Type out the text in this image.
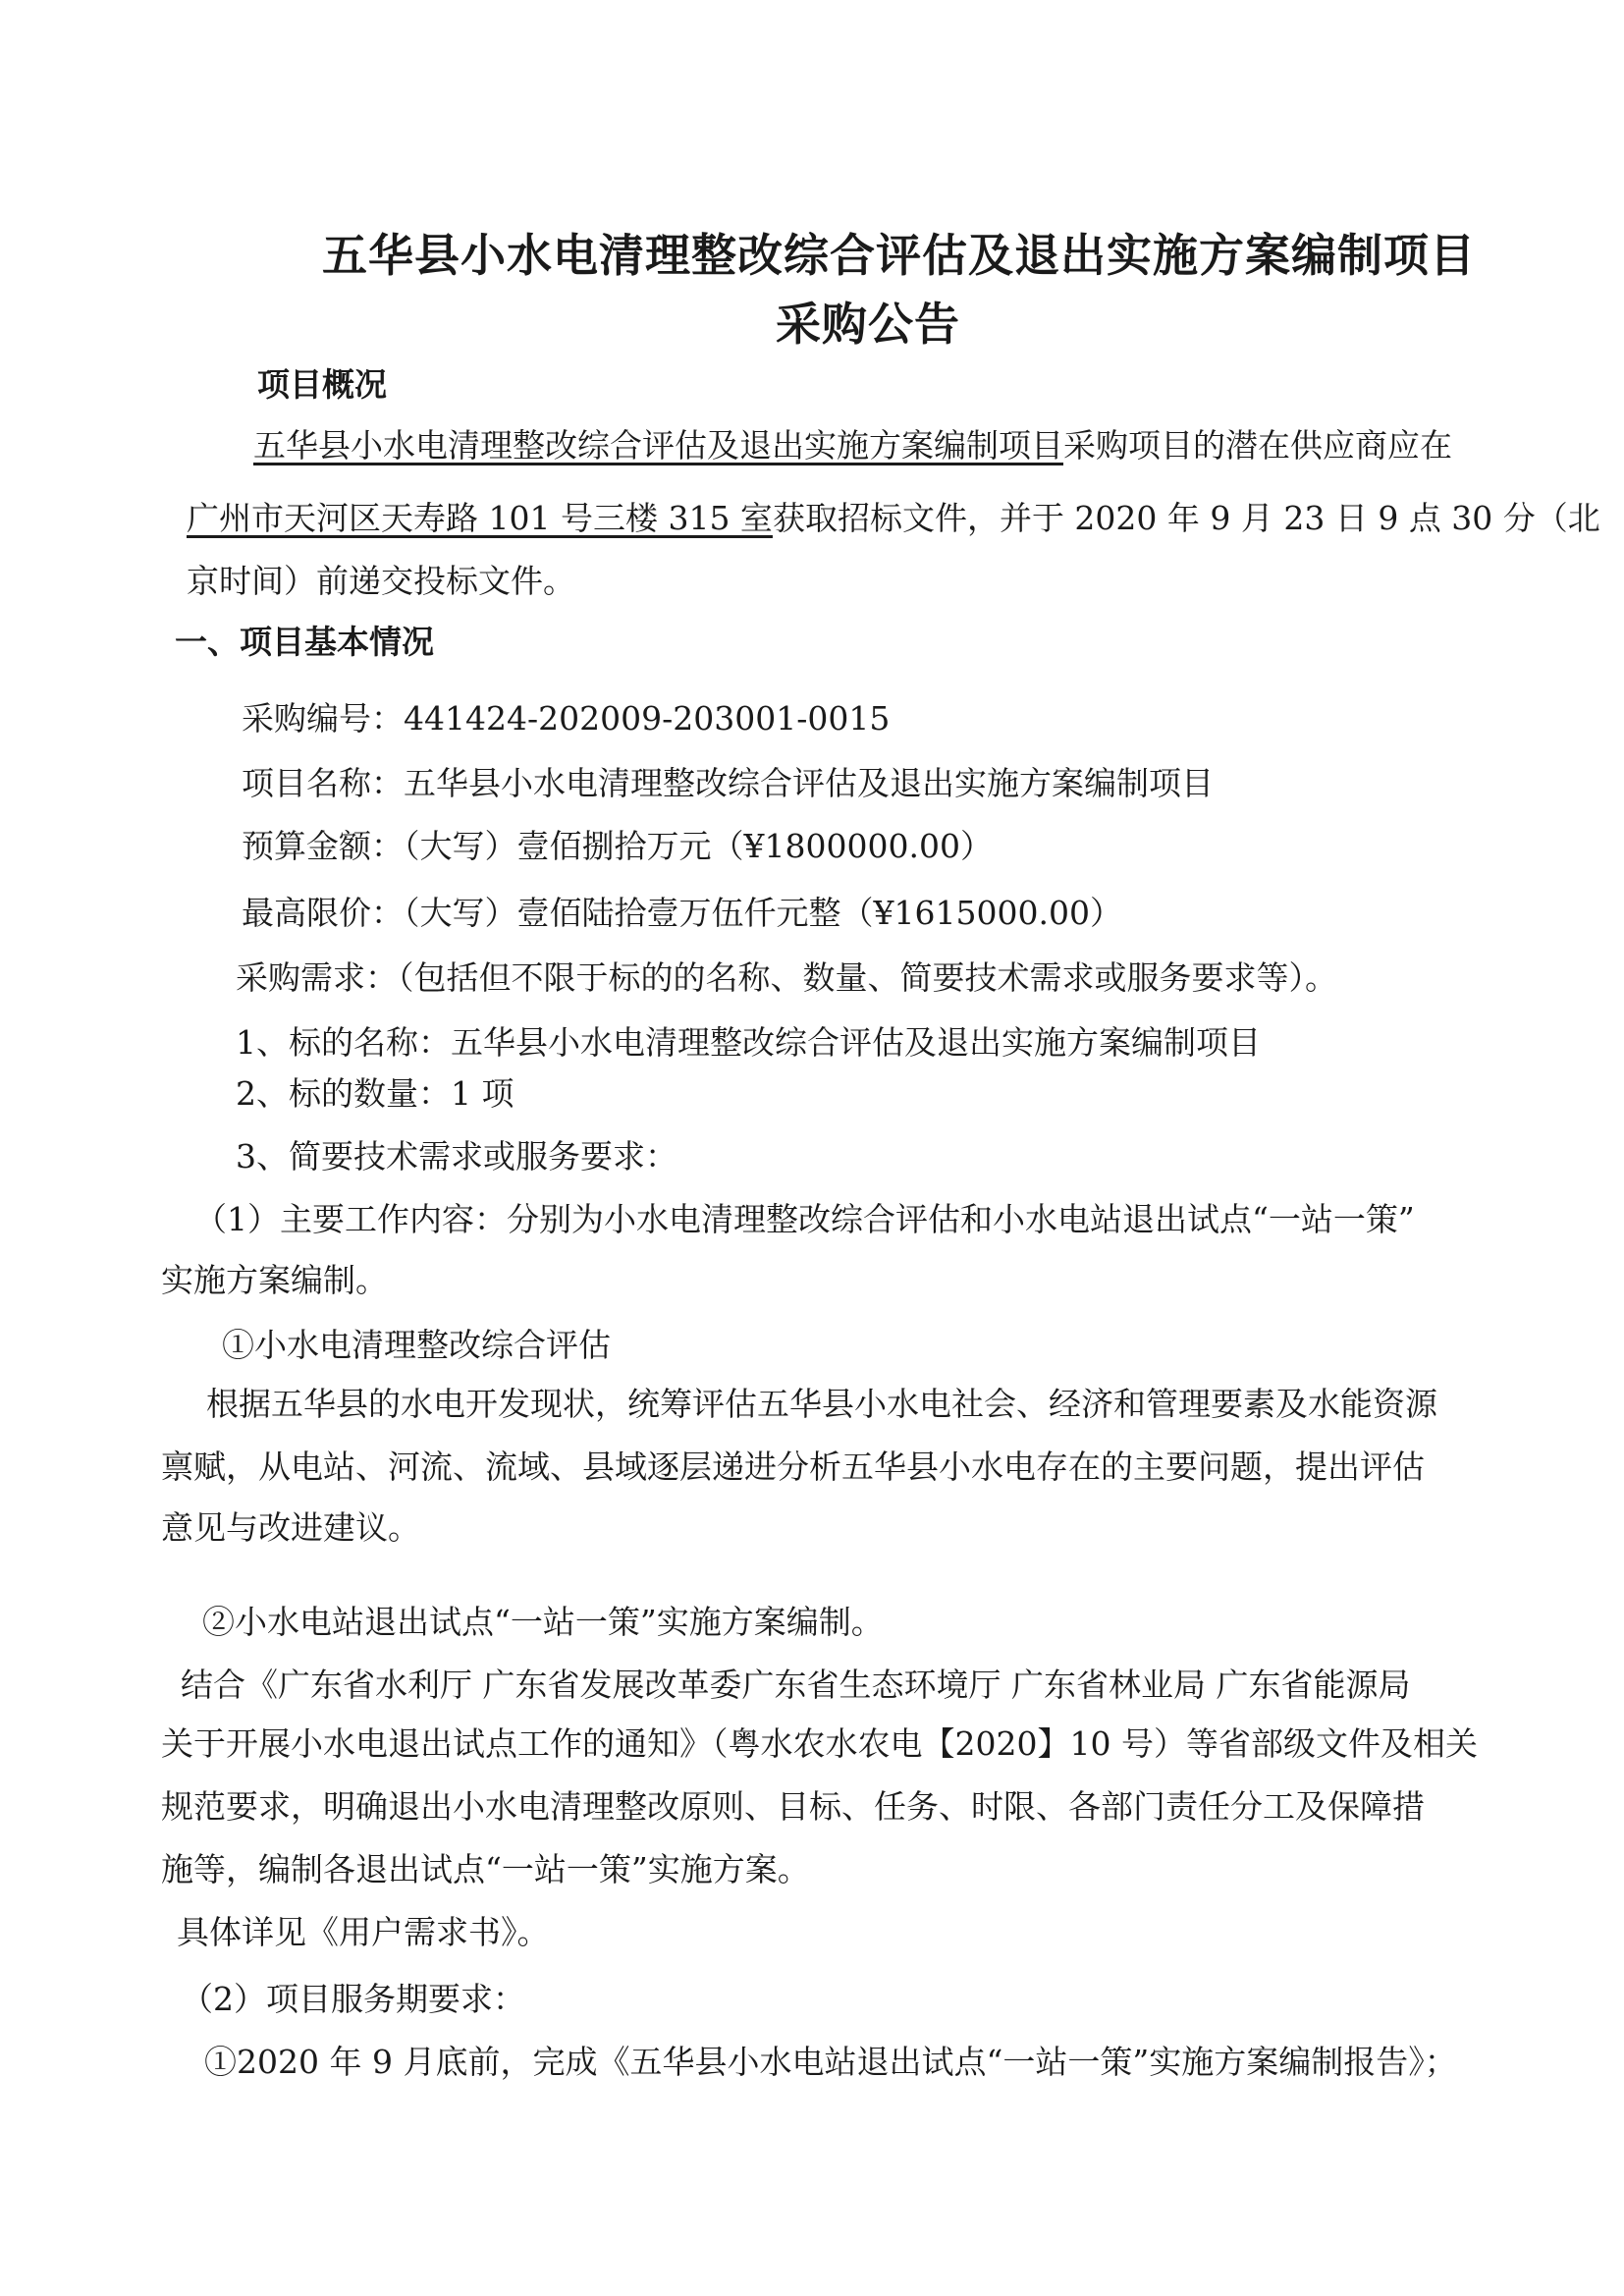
五华县小水电清理整改综合评估及退出实施方案编制项目
采购公告
项目概况
五华县小水电清理整改综合评估及退出实施方案编制项目采购项目的潜在供应商应在
广州市天河区天寿路 101 号三楼 315 室获取招标文件，并于 2020 年 9 月 23 日 9 点 30 分（北
京时间）前递交投标文件。
一、项目基本情况
采购编号：441424-202009-203001-0015
项目名称：五华县小水电清理整改综合评估及退出实施方案编制项目
预算金额：（大写）壹佰捌拾万元（¥1800000.00）
最高限价：（大写）壹佰陆拾壹万伍仟元整（¥1615000.00）
采购需求：（包括但不限于标的的名称、数量、简要技术需求或服务要求等）。
1、标的名称：五华县小水电清理整改综合评估及退出实施方案编制项目
2、标的数量：1 项
3、简要技术需求或服务要求：
（1）主要工作内容：分别为小水电清理整改综合评估和小水电站退出试点“一站一策”
实施方案编制。
①小水电清理整改综合评估
根据五华县的水电开发现状，统筹评估五华县小水电社会、经济和管理要素及水能资源
禀赋，从电站、河流、流域、县域逐层递进分析五华县小水电存在的主要问题，提出评估
意见与改进建议。
②小水电站退出试点“一站一策”实施方案编制。
结合《广东省水利厅 广东省发展改革委广东省生态环境厅 广东省林业局 广东省能源局
关于开展小水电退出试点工作的通知》（粤水农水农电【2020】10 号）等省部级文件及相关
规范要求，明确退出小水电清理整改原则、目标、任务、时限、各部门责任分工及保障措
施等，编制各退出试点“一站一策”实施方案。
具体详见《用户需求书》。
（2）项目服务期要求：
①2020 年 9 月底前，完成《五华县小水电站退出试点“一站一策”实施方案编制报告》；
